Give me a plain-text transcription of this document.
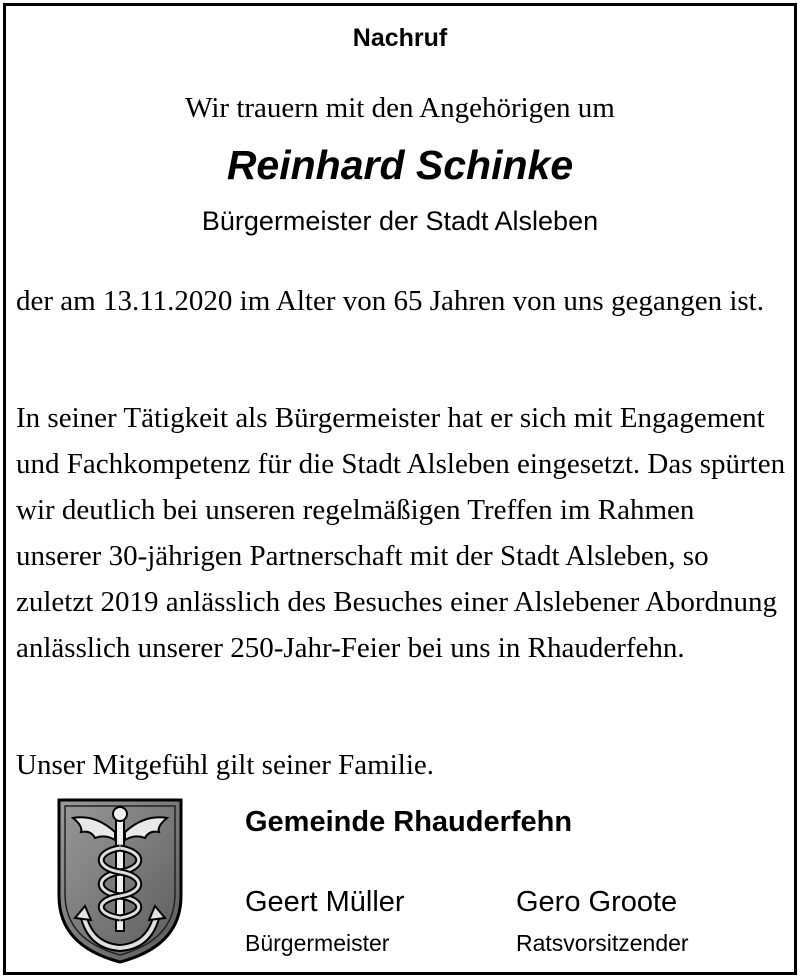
Nachruf
Wir trauern mit den Angehörigen um
Reinhard Schinke
Bürgermeister der Stadt Alsleben

der am 13.11.2020 im Alter von 65 Jahren von uns gegangen ist.

In seiner Tätigkeit als Bürgermeister hat er sich mit Engagement und Fachkompetenz für die Stadt Alsleben eingesetzt. Das spürten wir deutlich bei unseren regelmäßigen Treffen im Rahmen unserer 30-jährigen Partnerschaft mit der Stadt Alsleben, so zuletzt 2019 anlässlich des Besuches einer Alslebener Abordnung anlässlich unserer 250-Jahr-Feier bei uns in Rhauderfehn.

Unser Mitgefühl gilt seiner Familie.

Gemeinde Rhauderfehn
Geert Müller
Bürgermeister
Gero Groote
Ratsvorsitzender
